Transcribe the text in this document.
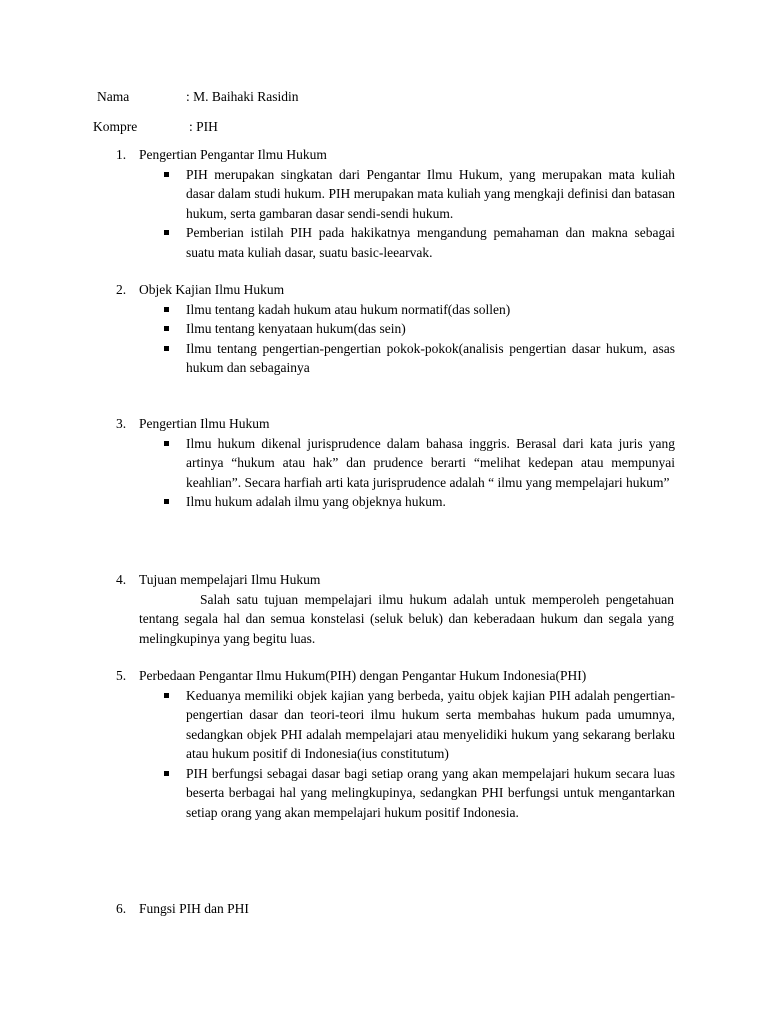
Nama	: M. Baihaki Rasidin
Kompre	: PIH
1. Pengertian Pengantar Ilmu Hukum
PIH merupakan singkatan dari Pengantar Ilmu Hukum, yang merupakan mata kuliah dasar dalam studi hukum. PIH merupakan mata kuliah yang mengkaji definisi dan batasan hukum, serta gambaran dasar sendi-sendi hukum.
Pemberian istilah PIH pada hakikatnya mengandung pemahaman dan makna sebagai suatu mata kuliah dasar, suatu basic-leearvak.
2. Objek Kajian Ilmu Hukum
Ilmu tentang kadah hukum atau hukum normatif(das sollen)
Ilmu tentang kenyataan hukum(das sein)
Ilmu tentang pengertian-pengertian pokok-pokok(analisis pengertian dasar hukum, asas hukum dan sebagainya
3. Pengertian Ilmu Hukum
Ilmu hukum dikenal jurisprudence dalam bahasa inggris. Berasal dari kata juris yang artinya “hukum atau hak” dan prudence berarti “melihat kedepan atau mempunyai keahlian”. Secara harfiah arti kata jurisprudence adalah “ ilmu yang mempelajari hukum”
Ilmu hukum adalah ilmu yang objeknya hukum.
4. Tujuan mempelajari Ilmu Hukum

Salah satu tujuan mempelajari ilmu hukum adalah untuk memperoleh pengetahuan tentang segala hal dan semua konstelasi (seluk beluk) dan keberadaan hukum dan segala yang melingkupinya yang begitu luas.

5. Perbedaan Pengantar Ilmu Hukum(PIH) dengan Pengantar Hukum Indonesia(PHI)
Keduanya memiliki objek kajian yang berbeda, yaitu objek kajian PIH adalah pengertian-pengertian dasar dan teori-teori ilmu hukum serta membahas hukum pada umumnya, sedangkan objek PHI adalah mempelajari atau menyelidiki hukum yang sekarang berlaku atau hukum positif di Indonesia(ius constitutum)
PIH berfungsi sebagai dasar bagi setiap orang yang akan mempelajari hukum secara luas beserta berbagai hal yang melingkupinya, sedangkan PHI berfungsi untuk mengantarkan setiap orang yang akan mempelajari hukum positif Indonesia.
6. Fungsi PIH dan PHI
